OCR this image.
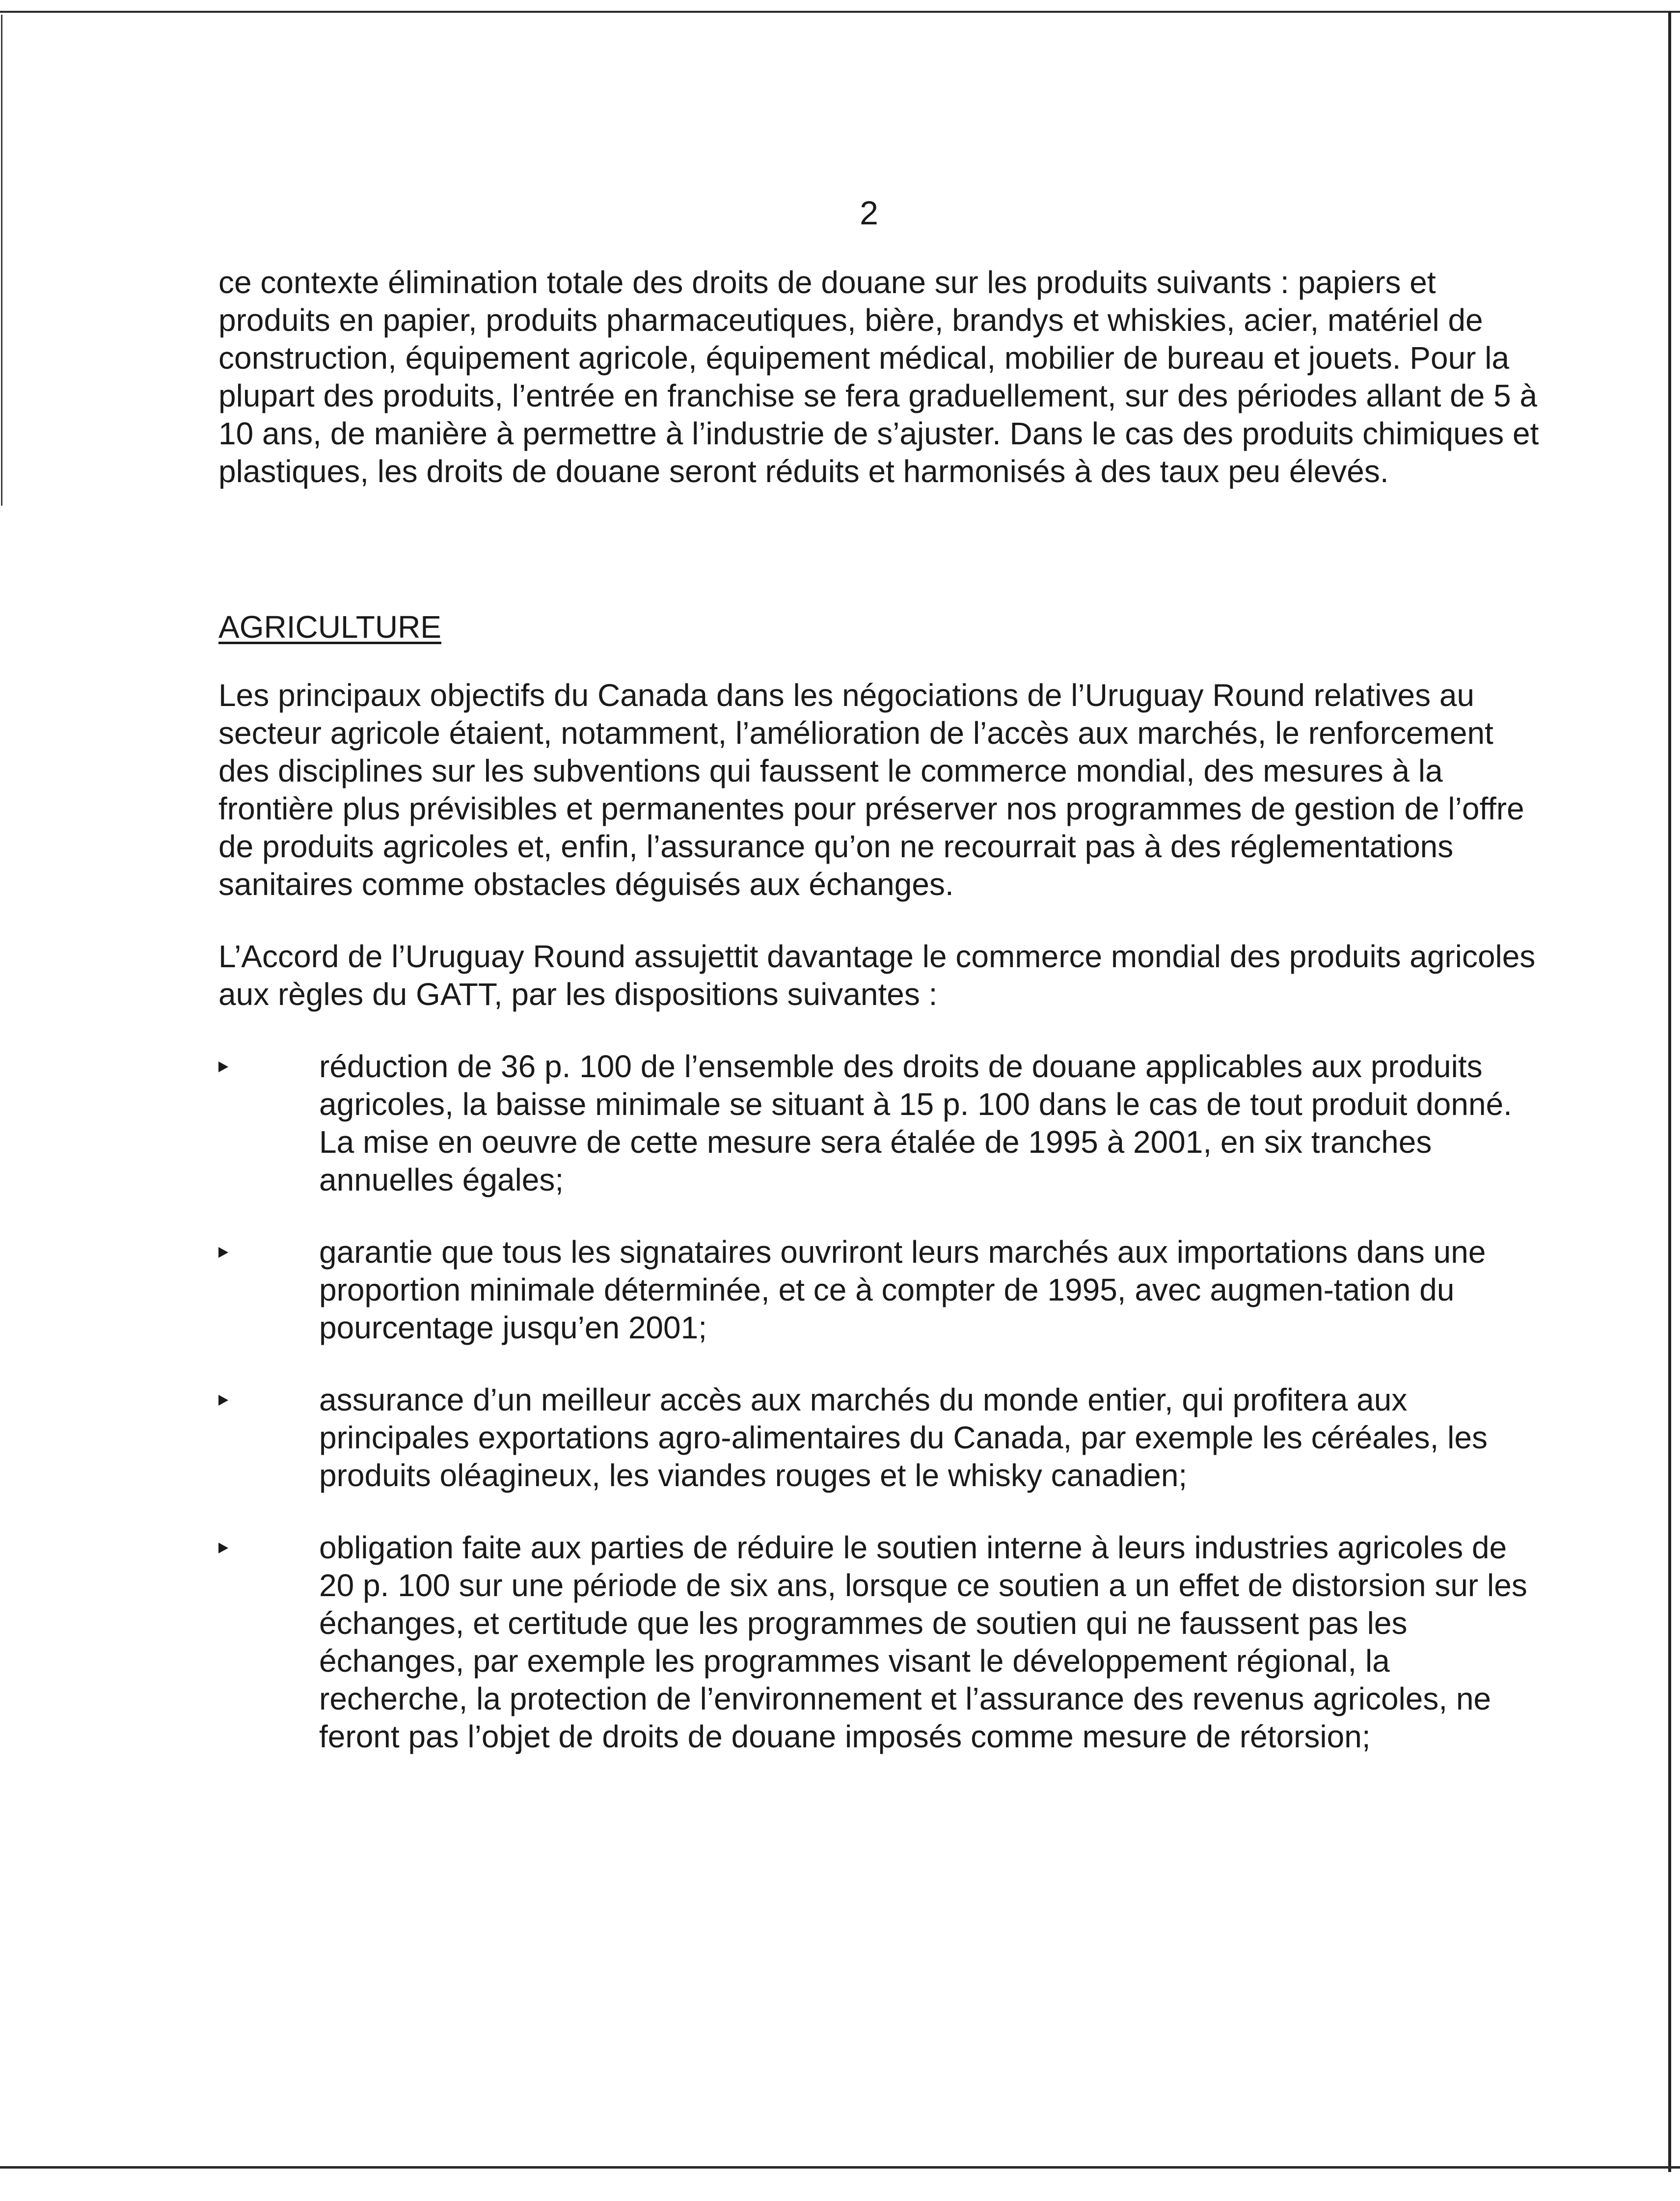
2

ce contexte élimination totale des droits de douane sur les produits suivants : papiers et produits en papier, produits pharmaceutiques, bière, brandys et whiskies, acier, matériel de construction, équipement agricole, équipement médical, mobilier de bureau et jouets. Pour la plupart des produits, l’entrée en franchise se fera graduellement, sur des périodes allant de 5 à 10 ans, de manière à permettre à l’industrie de s’ajuster. Dans le cas des produits chimiques et plastiques, les droits de douane seront réduits et harmonisés à des taux peu élevés.

AGRICULTURE

Les principaux objectifs du Canada dans les négociations de l’Uruguay Round relatives au secteur agricole étaient, notamment, l’amélioration de l’accès aux marchés, le renforcement des disciplines sur les subventions qui faussent le commerce mondial, des mesures à la frontière plus prévisibles et permanentes pour préserver nos programmes de gestion de l’offre de produits agricoles et, enfin, l’assurance qu’on ne recourrait pas à des réglementations sanitaires comme obstacles déguisés aux échanges.

L’Accord de l’Uruguay Round assujettit davantage le commerce mondial des produits agricoles aux règles du GATT, par les dispositions suivantes :

réduction de 36 p. 100 de l’ensemble des droits de douane applicables aux produits agricoles, la baisse minimale se situant à 15 p. 100 dans le cas de tout produit donné. La mise en oeuvre de cette mesure sera étalée de 1995 à 2001, en six tranches annuelles égales;
garantie que tous les signataires ouvriront leurs marchés aux importations dans une proportion minimale déterminée, et ce à compter de 1995, avec augmen-tation du pourcentage jusqu’en 2001;
assurance d’un meilleur accès aux marchés du monde entier, qui profitera aux principales exportations agro-alimentaires du Canada, par exemple les céréales, les produits oléagineux, les viandes rouges et le whisky canadien;
obligation faite aux parties de réduire le soutien interne à leurs industries agricoles de 20 p. 100 sur une période de six ans, lorsque ce soutien a un effet de distorsion sur les échanges, et certitude que les programmes de soutien qui ne faussent pas les échanges, par exemple les programmes visant le développement régional, la recherche, la protection de l’environnement et l’assurance des revenus agricoles, ne feront pas l’objet de droits de douane imposés comme mesure de rétorsion;
